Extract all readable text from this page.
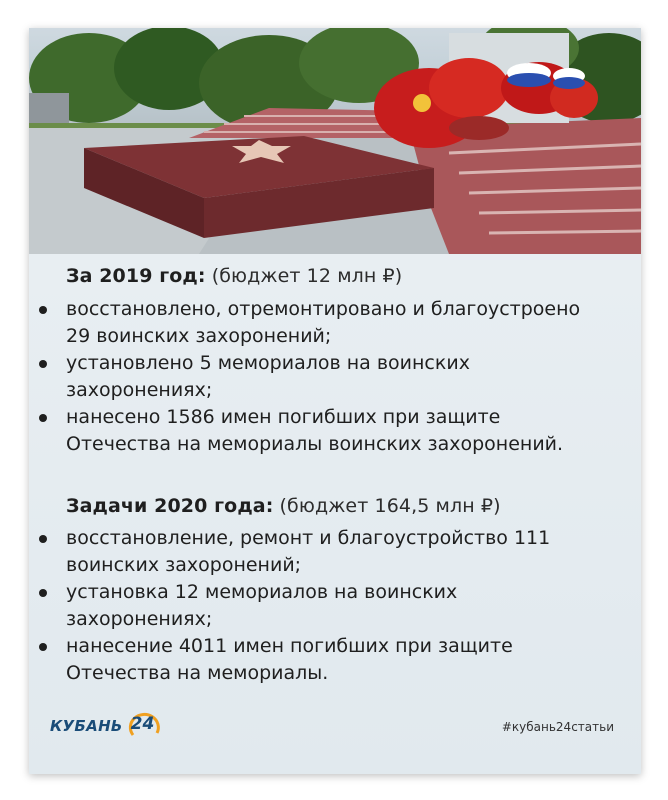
За 2019 год: (бюджет 12 млн ₽)
восстановлено, отремонтировано и благоустроено
29 воинских захоронений;
установлено 5 мемориалов на воинских
захоронениях;
нанесено 1586 имен погибших при защите
Отечества на мемориалы воинских захоронений.
Задачи 2020 года: (бюджет 164,5 млн ₽)
восстановление, ремонт и благоустройство 111
воинских захоронений;
установка 12 мемориалов на воинских
захоронениях;
нанесение 4011 имен погибших при защите
Отечества на мемориалы.
КУБАНЬ 24	#кубань24статьи
